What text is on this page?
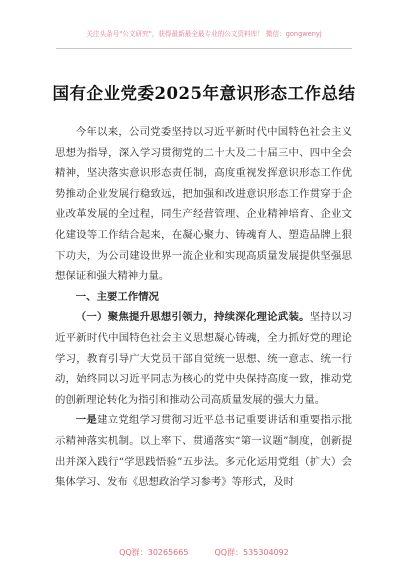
关注头条号"公文研究"，获得最新最全最专业的公文资料库！ 微信：gongwenyj
国有企业党委2025年意识形态工作总结

今年以来，公司党委坚持以习近平新时代中国特色社会主义思想为指导，深入学习贯彻党的二十大及二十届三中、四中全会精神，坚决落实意识形态责任制，高度重视发挥意识形态工作优势推动企业发展行稳致远，把加强和改进意识形态工作贯穿于企业改革发展的全过程，同生产经营管理、企业精神培育、企业文化建设等工作结合起来，在凝心聚力、铸魂育人、塑造品牌上狠下功夫，为公司建设世界一流企业和实现高质量发展提供坚强思想保证和强大精神力量。

一、主要工作情况

（一）聚焦提升思想引领力，持续深化理论武装。坚持以习近平新时代中国特色社会主义思想凝心铸魂，全力抓好党的理论学习，教育引导广大党员干部自觉统一思想、统一意志、统一行动，始终同以习近平同志为核心的党中央保持高度一致，推动党的创新理论转化为指引和推动公司高质量发展的强大力量。

一是建立党组学习贯彻习近平总书记重要讲话和重要指示批示精神落实机制。以上率下、贯通落实“第一议题”制度，创新提出并深入践行“学思践悟验”五步法。多元化运用党组（扩大）会集体学习、发布《思想政治学习参考》等形式，及时

QQ群：30265665	QQ群：535304092
